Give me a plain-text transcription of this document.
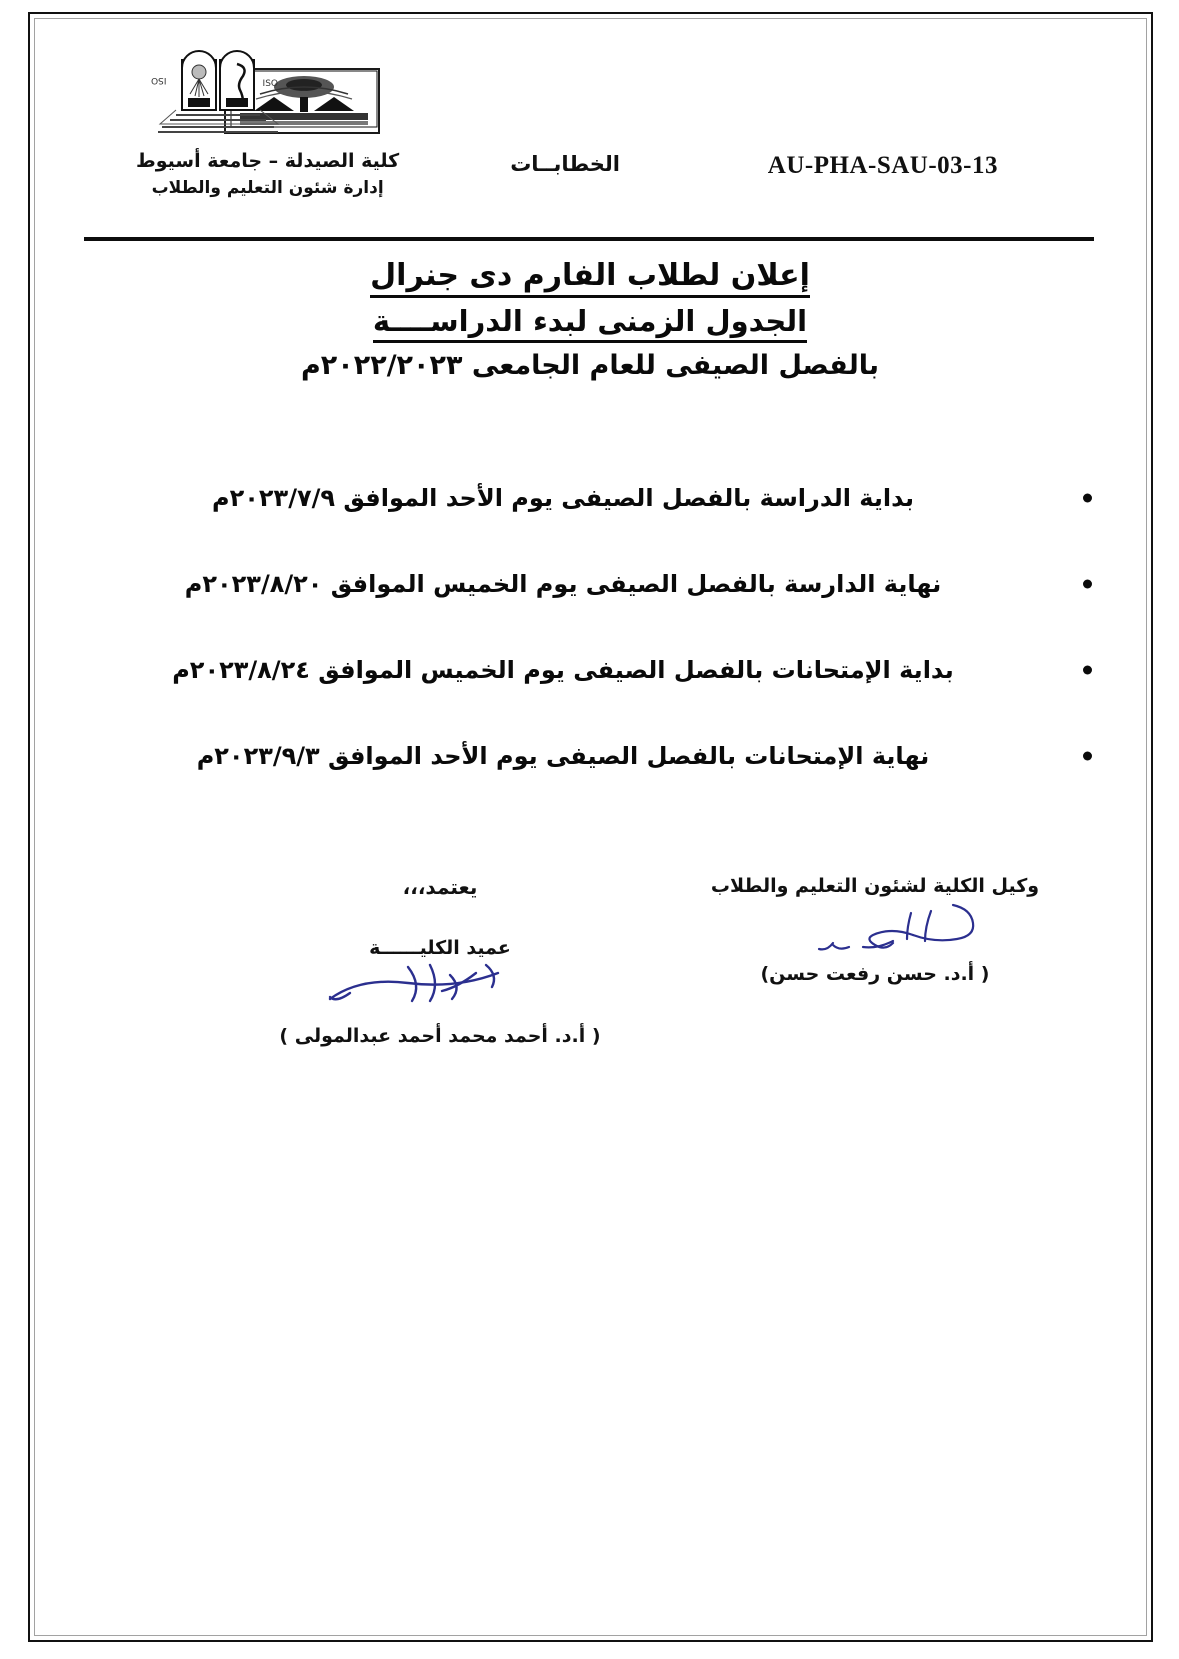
ISO	ISO
AU-PHA-SAU-03-13
الخطابــات
كلية الصيدلة – جامعة أسيوط
إدارة شئون التعليم والطلاب
إعلان لطلاب الفارم دى جنرال
الجدول الزمنى لبدء الدراســــة
بالفصل الصيفى للعام الجامعى ٢٠٢٢/٢٠٢٣م
بداية الدراسة بالفصل الصيفى يوم الأحد الموافق ٢٠٢٣/٧/٩م
نهاية الدارسة بالفصل الصيفى يوم الخميس الموافق ٢٠٢٣/٨/٢٠م
بداية الإمتحانات بالفصل الصيفى يوم الخميس الموافق ٢٠٢٣/٨/٢٤م
نهاية الإمتحانات بالفصل الصيفى يوم الأحد الموافق ٢٠٢٣/٩/٣م
وكيل الكلية لشئون التعليم والطلاب
( أ.د. حسن رفعت حسن)
يعتمد،،،
عميد الكليــــــة
( أ.د. أحمد محمد أحمد عبدالمولى )
